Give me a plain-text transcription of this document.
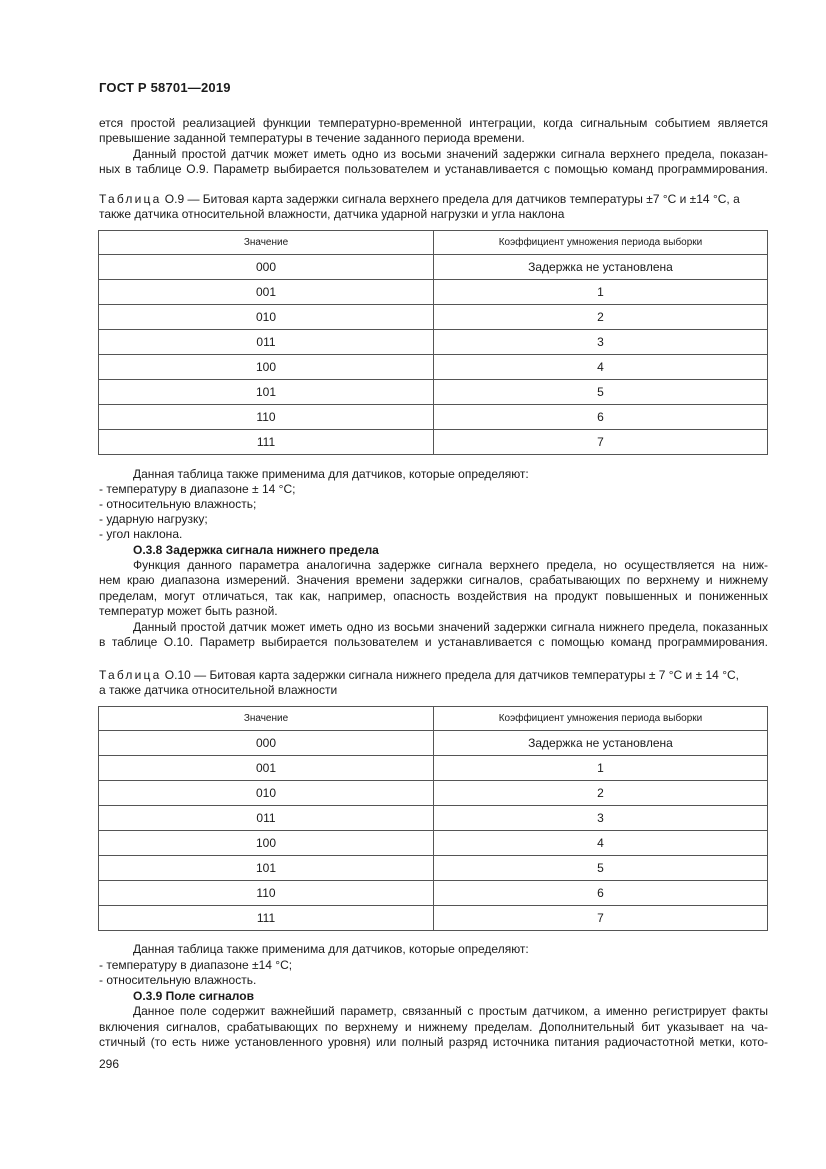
ГОСТ Р 58701—2019
ется простой реализацией функции температурно-временной интеграции, когда сигнальным событием является
превышение заданной температуры в течение заданного периода времени.
Данный простой датчик может иметь одно из восьми значений задержки сигнала верхнего предела, показан-
ных в таблице О.9. Параметр выбирается пользователем и устанавливается с помощью команд программирования.
Таблица О.9 — Битовая карта задержки сигнала верхнего предела для датчиков температуры ±7 °С и ±14 °С, а
также датчика относительной влажности, датчика ударной нагрузки и угла наклона
Значение	Коэффициент умножения периода выборки
000	Задержка не установлена
001	1
010	2
011	3
100	4
101	5
110	6
111	7
Данная таблица также применима для датчиков, которые определяют:
- температуру в диапазоне ± 14 °С;
- относительную влажность;
- ударную нагрузку;
- угол наклона.
О.3.8 Задержка сигнала нижнего предела
Функция данного параметра аналогична задержке сигнала верхнего предела, но осуществляется на ниж-
нем краю диапазона измерений. Значения времени задержки сигналов, срабатывающих по верхнему и нижнему
пределам, могут отличаться, так как, например, опасность воздействия на продукт повышенных и пониженных
температур может быть разной.
Данный простой датчик может иметь одно из восьми значений задержки сигнала нижнего предела, показанных
в таблице О.10. Параметр выбирается пользователем и устанавливается с помощью команд программирования.
Таблица О.10 — Битовая карта задержки сигнала нижнего предела для датчиков температуры ± 7 °С и ± 14 °С,
а также датчика относительной влажности
Значение	Коэффициент умножения периода выборки
000	Задержка не установлена
001	1
010	2
011	3
100	4
101	5
110	6
111	7
Данная таблица также применима для датчиков, которые определяют:
- температуру в диапазоне ±14 °С;
- относительную влажность.
О.3.9 Поле сигналов
Данное поле содержит важнейший параметр, связанный с простым датчиком, а именно регистрирует факты
включения сигналов, срабатывающих по верхнему и нижнему пределам. Дополнительный бит указывает на ча-
стичный (то есть ниже установленного уровня) или полный разряд источника питания радиочастотной метки, кото-
296
